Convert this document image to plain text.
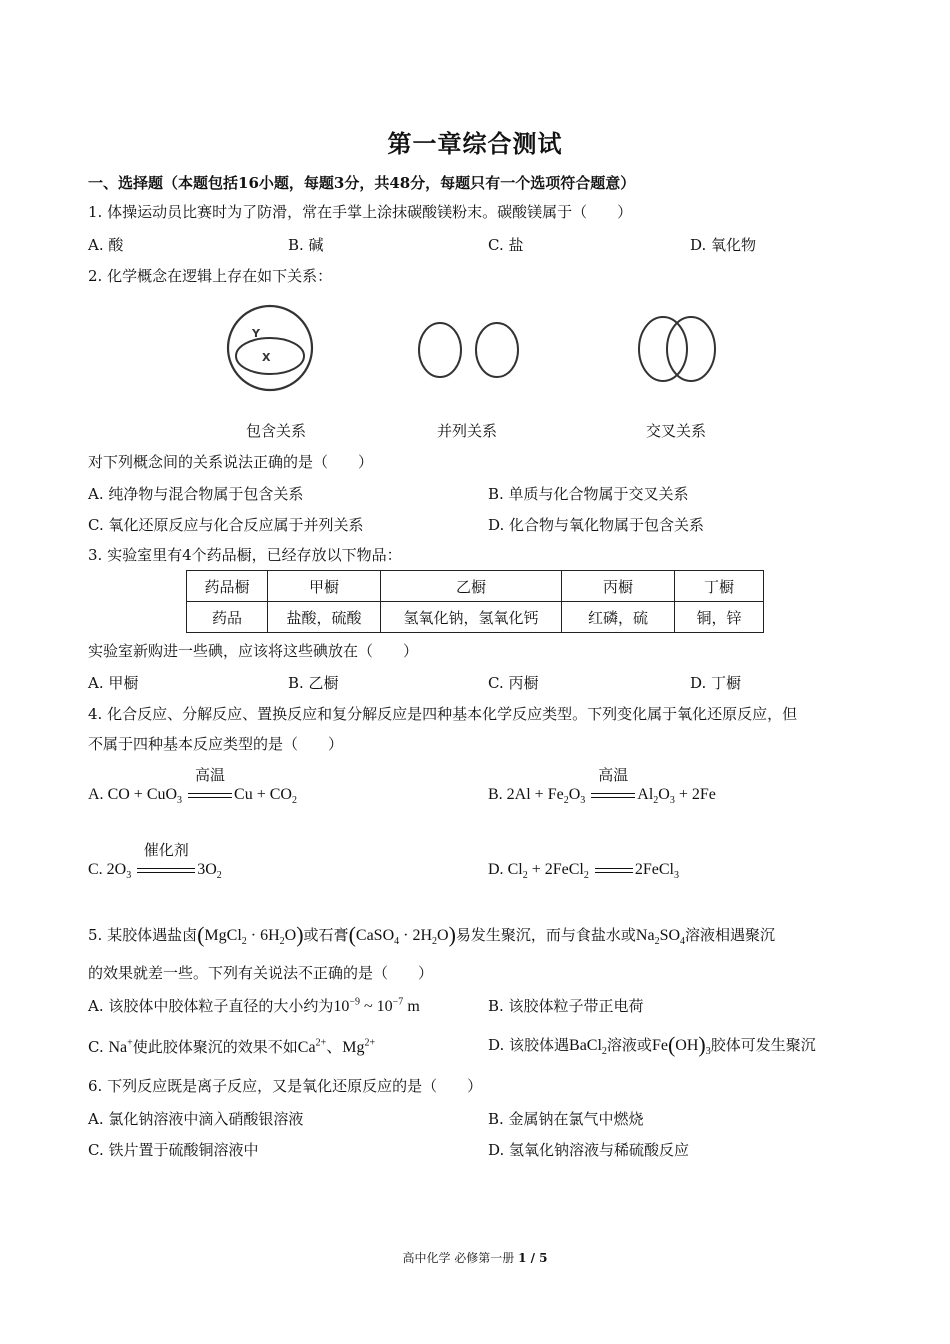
第一章综合测试
一、选择题（本题包括16小题，每题3分，共48分，每题只有一个选项符合题意）
1. 体操运动员比赛时为了防滑，常在手掌上涂抹碳酸镁粉末。碳酸镁属于（　　）
A. 酸	B. 碱	C. 盐	D. 氧化物
2. 化学概念在逻辑上存在如下关系：
Y
X
包含关系	并列关系	交叉关系
对下列概念间的关系说法正确的是（　　）
A. 纯净物与混合物属于包含关系	B. 单质与化合物属于交叉关系
C. 氧化还原反应与化合反应属于并列关系	D. 化合物与氧化物属于包含关系
3. 实验室里有4个药品橱，已经存放以下物品：
药品橱	甲橱	乙橱	丙橱	丁橱
药品	盐酸，硫酸	氢氧化钠，氢氧化钙	红磷，硫	铜，锌
实验室新购进一些碘，应该将这些碘放在（　　）
A. 甲橱	B. 乙橱	C. 丙橱	D. 丁橱
4. 化合反应、分解反应、置换反应和复分解反应是四种基本化学反应类型。下列变化属于氧化还原反应，但
不属于四种基本反应类型的是（　　）
A. CO + CuO$_3$
高温
$Cu + CO_2$	B. $2Al + Fe_2O_3$
高温
$Al_2O_3 + 2Fe$
C. $2O_3$
催化剂
$3O_2$	D. $Cl_2$ + 2FeCl$_2$	2FeCl$_3$
5. 某胶体遇盐卤(MgCl$_2$ · $6H_2O$)或石膏(CaSO$_4$ · $2H_2O$)易发生聚沉，而与食盐水或$Na_2SO_4$溶液相遇聚沉
的效果就差一些。下列有关说法不正确的是（　　）
A. 该胶体中胶体粒子直径的大小约为$10^{-9}$ ~ $10^{-7}$ m	B. 该胶体粒子带正电荷
C. Na+使此胶体聚沉的效果不如$Ca^{2+}$、$Mg^{2+}$	D. 该胶体遇BaCl$_2$溶液或$Fe(OH)_3$胶体可发生聚沉
6. 下列反应既是离子反应，又是氧化还原反应的是（　　）
A. 氯化钠溶液中滴入硝酸银溶液	B. 金属钠在氯气中燃烧
C. 铁片置于硫酸铜溶液中	D. 氢氧化钠溶液与稀硫酸反应
高中化学 必修第一册 1 / 5
